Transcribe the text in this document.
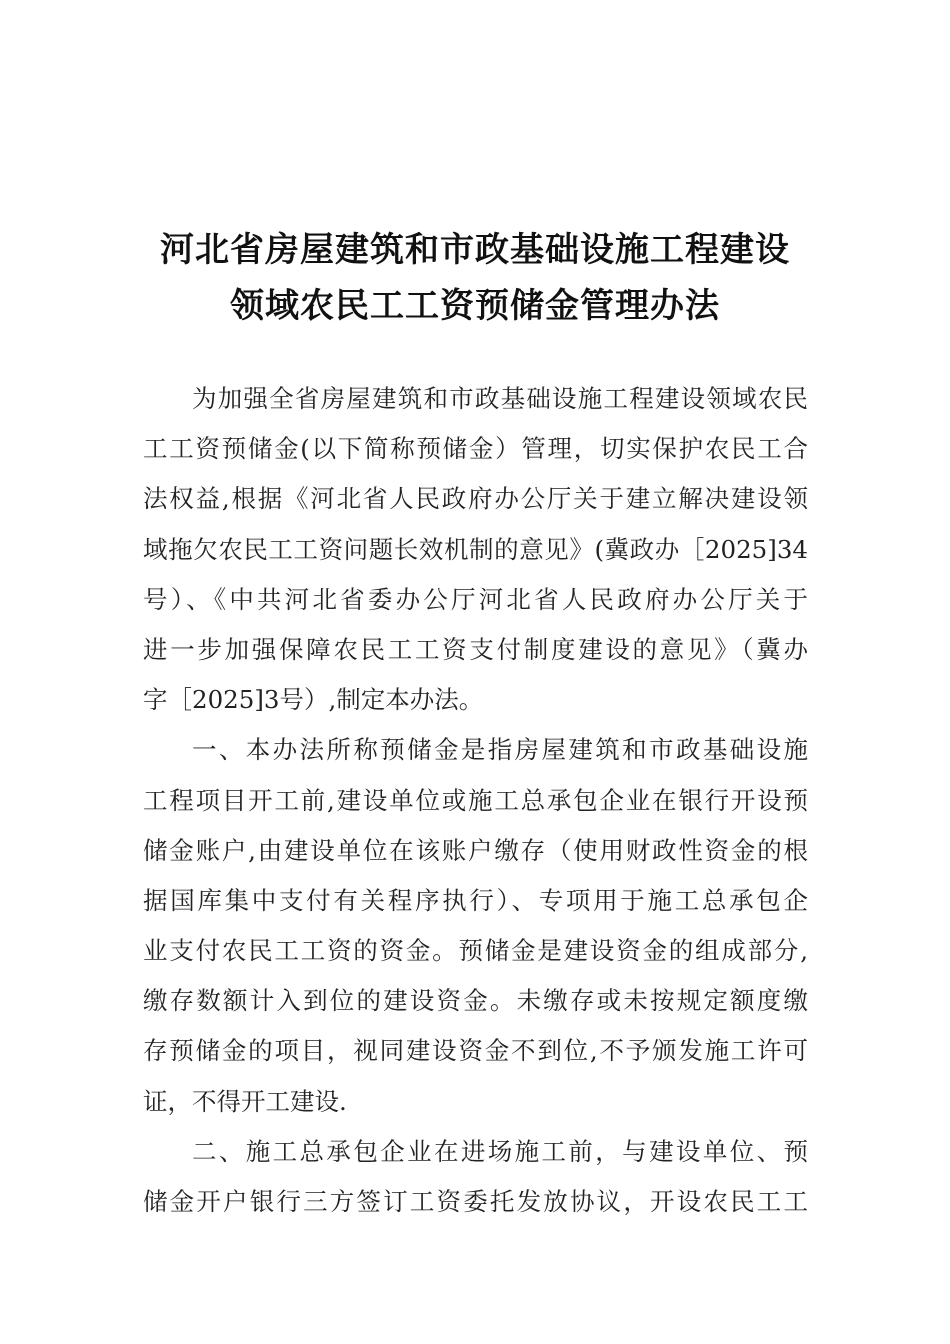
河北省房屋建筑和市政基础设施工程建设
领域农民工工资预储金管理办法

为加强全省房屋建筑和市政基础设施工程建设领域农民
工工资预储金(以下简称预储金）管理，切实保护农民工合
法权益,根据《河北省人民政府办公厅关于建立解决建设领
域拖欠农民工工资问题长效机制的意见》(冀政办［2025]34
号）、《中共河北省委办公厅河北省人民政府办公厅关于
进一步加强保障农民工工资支付制度建设的意见》（冀办
字［2025]3号）,制定本办法。

一、本办法所称预储金是指房屋建筑和市政基础设施
工程项目开工前,建设单位或施工总承包企业在银行开设预
储金账户,由建设单位在该账户缴存（使用财政性资金的根
据国库集中支付有关程序执行）、专项用于施工总承包企
业支付农民工工资的资金。预储金是建设资金的组成部分,
缴存数额计入到位的建设资金。未缴存或未按规定额度缴
存预储金的项目，视同建设资金不到位,不予颁发施工许可
证，不得开工建设.

二、施工总承包企业在进场施工前，与建设单位、预
储金开户银行三方签订工资委托发放协议，开设农民工工
